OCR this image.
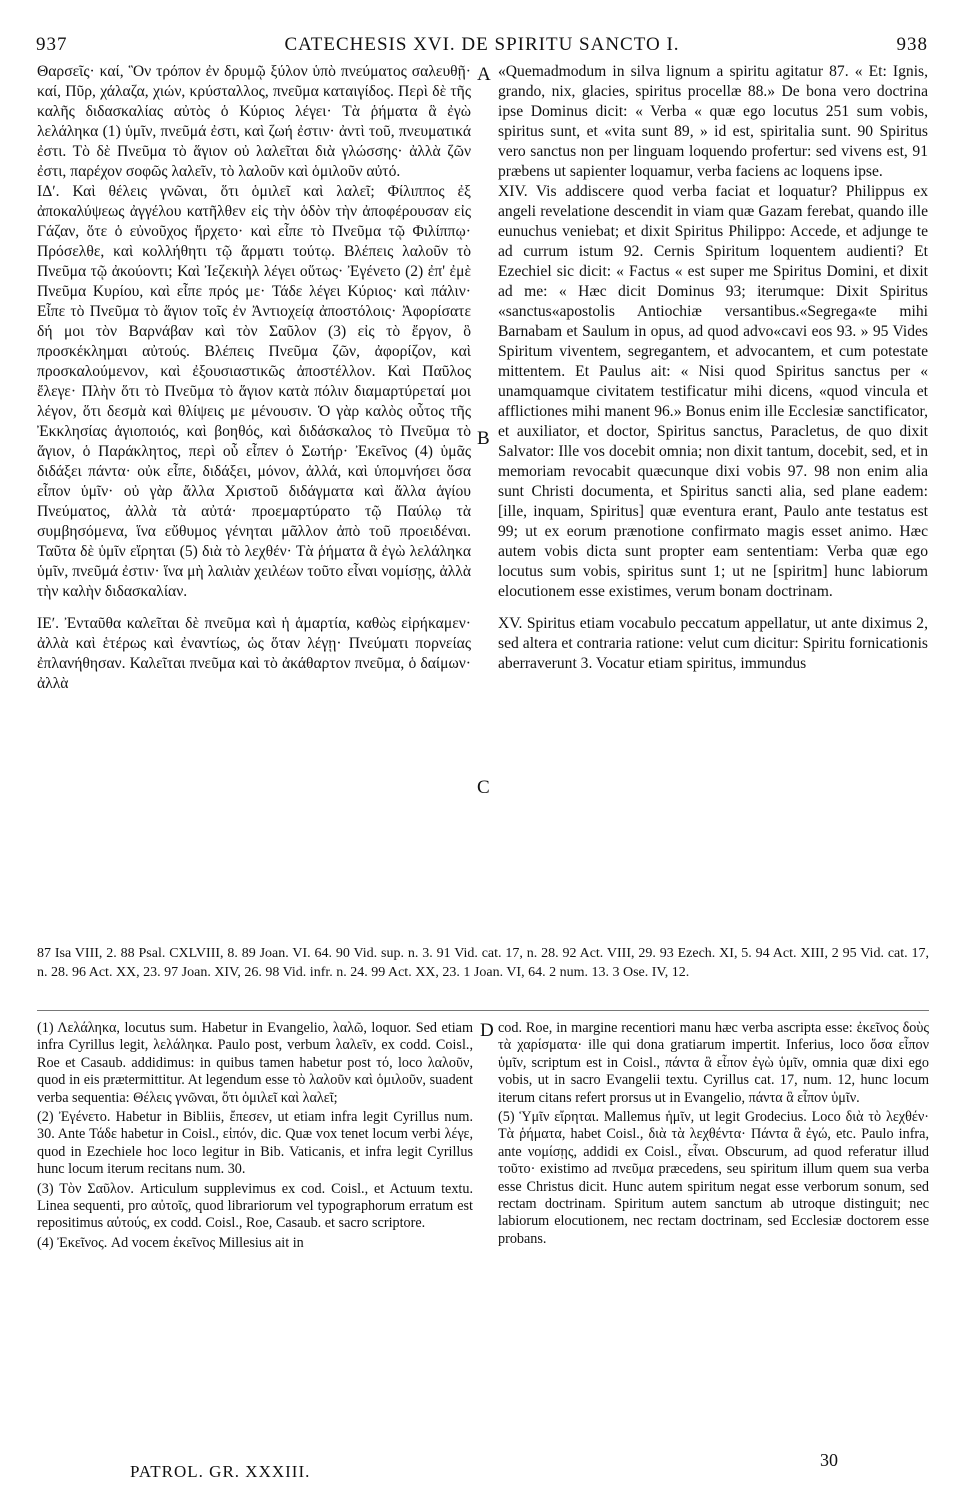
937	CATECHESIS XVI. DE SPIRITU SANCTO I.	938

Θαρσεῖς· καί, Ὃν τρόπον ἐν δρυμῷ ξύλον ὑπὸ πνεύματος σαλευθῇ· καί, Πῦρ, χάλαζα, χιών, κρύσταλλος, πνεῦμα καταιγίδος. Περὶ δὲ τῆς καλῆς διδασκαλίας αὐτὸς ὁ Κύριος λέγει· Τὰ ῥήματα ἃ ἐγὼ λελάληκα (1) ὑμῖν, πνεῦμά ἐστι, καὶ ζωή ἐστιν· ἀντὶ τοῦ, πνευματικά ἐστι. Τὸ δὲ Πνεῦμα τὸ ἅγιον οὐ λαλεῖται διὰ γλώσσης· ἀλλὰ ζῶν ἐστι, παρέχον σοφῶς λαλεῖν, τὸ λαλοῦν καὶ ὁμιλοῦν αὐτό.

ΙΔʹ. Καὶ θέλεις γνῶναι, ὅτι ὁμιλεῖ καὶ λαλεῖ; Φίλιππος ἐξ ἀποκαλύψεως ἀγγέλου κατῆλθεν εἰς τὴν ὁδὸν τὴν ἀποφέρουσαν εἰς Γάζαν, ὅτε ὁ εὐνοῦχος ἤρχετο· καὶ εἶπε τὸ Πνεῦμα τῷ Φιλίππῳ· Πρόσελθε, καὶ κολλήθητι τῷ ἅρματι τούτῳ. Βλέπεις λαλοῦν τὸ Πνεῦμα τῷ ἀκούοντι; Καὶ Ἰεζεκιὴλ λέγει οὕτως· Ἐγένετο (2) ἐπ' ἐμὲ Πνεῦμα Κυρίου, καὶ εἶπε πρός με· Τάδε λέγει Κύριος· καὶ πάλιν· Εἶπε τὸ Πνεῦμα τὸ ἅγιον τοῖς ἐν Ἀντιοχείᾳ ἀποστόλοις· Ἀφορίσατε δή μοι τὸν Βαρνάβαν καὶ τὸν Σαῦλον (3) εἰς τὸ ἔργον, ὃ προσκέκλημαι αὐτούς. Βλέπεις Πνεῦμα ζῶν, ἀφορίζον, καὶ προσκαλούμενον, καὶ ἐξουσιαστικῶς ἀποστέλλον. Καὶ Παῦλος ἔλεγε· Πλὴν ὅτι τὸ Πνεῦμα τὸ ἅγιον κατὰ πόλιν διαμαρτύρεταί μοι λέγον, ὅτι δεσμὰ καὶ θλίψεις με μένουσιν. Ὁ γὰρ καλὸς οὗτος τῆς Ἐκκλησίας ἁγιοποιός, καὶ βοηθός, καὶ διδάσκαλος τὸ Πνεῦμα τὸ ἅγιον, ὁ Παράκλητος, περὶ οὗ εἶπεν ὁ Σωτήρ· Ἐκεῖνος (4) ὑμᾶς διδάξει πάντα· οὐκ εἶπε, διδάξει, μόνον, ἀλλά, καὶ ὑπομνήσει ὅσα εἶπον ὑμῖν· οὐ γὰρ ἄλλα Χριστοῦ διδάγματα καὶ ἄλλα ἁγίου Πνεύματος, ἀλλὰ τὰ αὐτά· προεμαρτύρατο τῷ Παύλῳ τὰ συμβησόμενα, ἵνα εὔθυμος γένηται μᾶλλον ἀπὸ τοῦ προειδέναι. Ταῦτα δὲ ὑμῖν εἴρηται (5) διὰ τὸ λεχθέν· Τὰ ῥήματα ἃ ἐγὼ λελάληκα ὑμῖν, πνεῦμά ἐστιν· ἵνα μὴ λαλιὰν χειλέων τοῦτο εἶναι νομίσῃς, ἀλλὰ τὴν καλὴν διδασκαλίαν.

ΙΕʹ. Ἐνταῦθα καλεῖται δὲ πνεῦμα καὶ ἡ ἁμαρτία, καθὼς εἰρήκαμεν· ἀλλὰ καὶ ἑτέρως καὶ ἐναντίως, ὡς ὅταν λέγῃ· Πνεύματι πορνείας ἐπλανήθησαν. Καλεῖται πνεῦμα καὶ τὸ ἀκάθαρτον πνεῦμα, ὁ δαίμων· ἀλλὰ

A
B
C
D

«Quemadmodum in silva lignum a spiritu agitatur 87. « Et: Ignis, grando, nix, glacies, spiritus procellæ 88.» De bona vero doctrina ipse Dominus dicit: « Verba « quæ ego locutus 251 sum vobis, spiritus sunt, et «vita sunt 89, » id est, spiritalia sunt. 90 Spiritus vero sanctus non per linguam loquendo profertur: sed vivens est, 91 præbens ut sapienter loquamur, verba faciens ac loquens ipse.

XIV. Vis addiscere quod verba faciat et loquatur? Philippus ex angeli revelatione descendit in viam quæ Gazam ferebat, quando ille eunuchus veniebat; et dixit Spiritus Philippo: Accede, et adjunge te ad currum istum 92. Cernis Spiritum loquentem audienti? Et Ezechiel sic dicit: « Factus « est super me Spiritus Domini, et dixit ad me: « Hæc dicit Dominus 93; iterumque: Dixit Spiritus «sanctus«apostolis Antiochiæ versantibus.«Segrega«te mihi Barnabam et Saulum in opus, ad quod advo«cavi eos 93. » 95 Vides Spiritum viventem, segregantem, et advocantem, et cum potestate mittentem. Et Paulus ait: « Nisi quod Spiritus sanctus per « unamquamque civitatem testificatur mihi dicens, «quod vincula et afflictiones mihi manent 96.» Bonus enim ille Ecclesiæ sanctificator, et auxiliator, et doctor, Spiritus sanctus, Paracletus, de quo dixit Salvator: Ille vos docebit omnia; non dixit tantum, docebit, sed, et in memoriam revocabit quæcunque dixi vobis 97. 98 non enim alia sunt Christi documenta, et Spiritus sancti alia, sed plane eadem: [ille, inquam, Spiritus] quæ eventura erant, Paulo ante testatus est 99; ut ex eorum prænotione confirmato magis esset animo. Hæc autem vobis dicta sunt propter eam sententiam: Verba quæ ego locutus sum vobis, spiritus sunt 1; ut ne [spiritm] hunc labiorum elocutionem esse existimes, verum bonam doctrinam.

XV. Spiritus etiam vocabulo peccatum appellatur, ut ante diximus 2, sed altera et contraria ratione: velut cum dicitur: Spiritu fornicationis aberraverunt 3. Vocatur etiam spiritus, immundus

87 Isa VIII, 2. 88 Psal. CXLVIII, 8. 89 Joan. VI. 64. 90 Vid. sup. n. 3. 91 Vid. cat. 17, n. 28. 92 Act. VIII, 29. 93 Ezech. XI, 5. 94 Act. XIII, 2 95 Vid. cat. 17, n. 28. 96 Act. XX, 23. 97 Joan. XIV, 26. 98 Vid. infr. n. 24. 99 Act. XX, 23. 1 Joan. VI, 64. 2 num. 13. 3 Ose. IV, 12.

(1) Λελάληκα, locutus sum. Habetur in Evangelio, λαλῶ, loquor. Sed etiam infra Cyrillus legit, λελάληκα. Paulo post, verbum λαλεῖν, ex codd. Coisl., Roe et Casaub. addidimus: in quibus tamen habetur post τό, loco λαλοῦν, quod in eis prætermittitur. At legendum esse τὸ λαλοῦν καὶ ὁμιλοῦν, suadent verba sequentia: Θέλεις γνῶναι, ὅτι ὁμιλεῖ καὶ λαλεῖ;

(2) Ἐγένετο. Habetur in Bibliis, ἔπεσεν, ut etiam infra legit Cyrillus num. 30. Ante Τάδε habetur in Coisl., εἰπόν, dic. Quæ vox tenet locum verbi λέγε, quod in Ezechiele hoc loco legitur in Bib. Vaticanis, et infra legit Cyrillus hunc locum iterum recitans num. 30.

(3) Τὸν Σαῦλον. Articulum supplevimus ex cod. Coisl., et Actuum textu. Linea sequenti, pro αὐτοῖς, quod librariorum vel typographorum erratum est repositimus αὐτούς, ex codd. Coisl., Roe, Casaub. et sacro scriptore.

(4) Ἐκεῖνος. Ad vocem ἐκεῖνος Millesius ait in

cod. Roe, in margine recentiori manu hæc verba ascripta esse: ἐκεῖνος δοὺς τὰ χαρίσματα· ille qui dona gratiarum impertit. Inferius, loco ὅσα εἶπον ὑμῖν, scriptum est in Coisl., πάντα ἃ εἶπον ἐγὼ ὑμῖν, omnia quæ dixi ego vobis, ut in sacro Evangelii textu. Cyrillus cat. 17, num. 12, hunc locum iterum citans refert prorsus ut in Evangelio, πάντα ἃ εἶπον ὑμῖν.

(5) Ὑμῖν εἴρηται. Mallemus ἡμῖν, ut legit Grodecius. Loco διὰ τὸ λεχθέν· Τὰ ῥήματα, habet Coisl., διὰ τὰ λεχθέντα· Πάντα ἃ ἐγώ, etc. Paulo infra, ante νομίσῃς, addidi ex Coisl., εἶναι. Obscurum, ad quod referatur illud τοῦτο· existimo ad πνεῦμα præcedens, seu spiritum illum quem sua verba esse Christus dicit. Hunc autem spiritum negat esse verborum sonum, sed rectam doctrinam. Spiritum autem sanctum ab utroque distinguit; nec labiorum elocutionem, nec rectam doctrinam, sed Ecclesiæ doctorem esse probans.

PATROL. GR. XXXIII.
30
